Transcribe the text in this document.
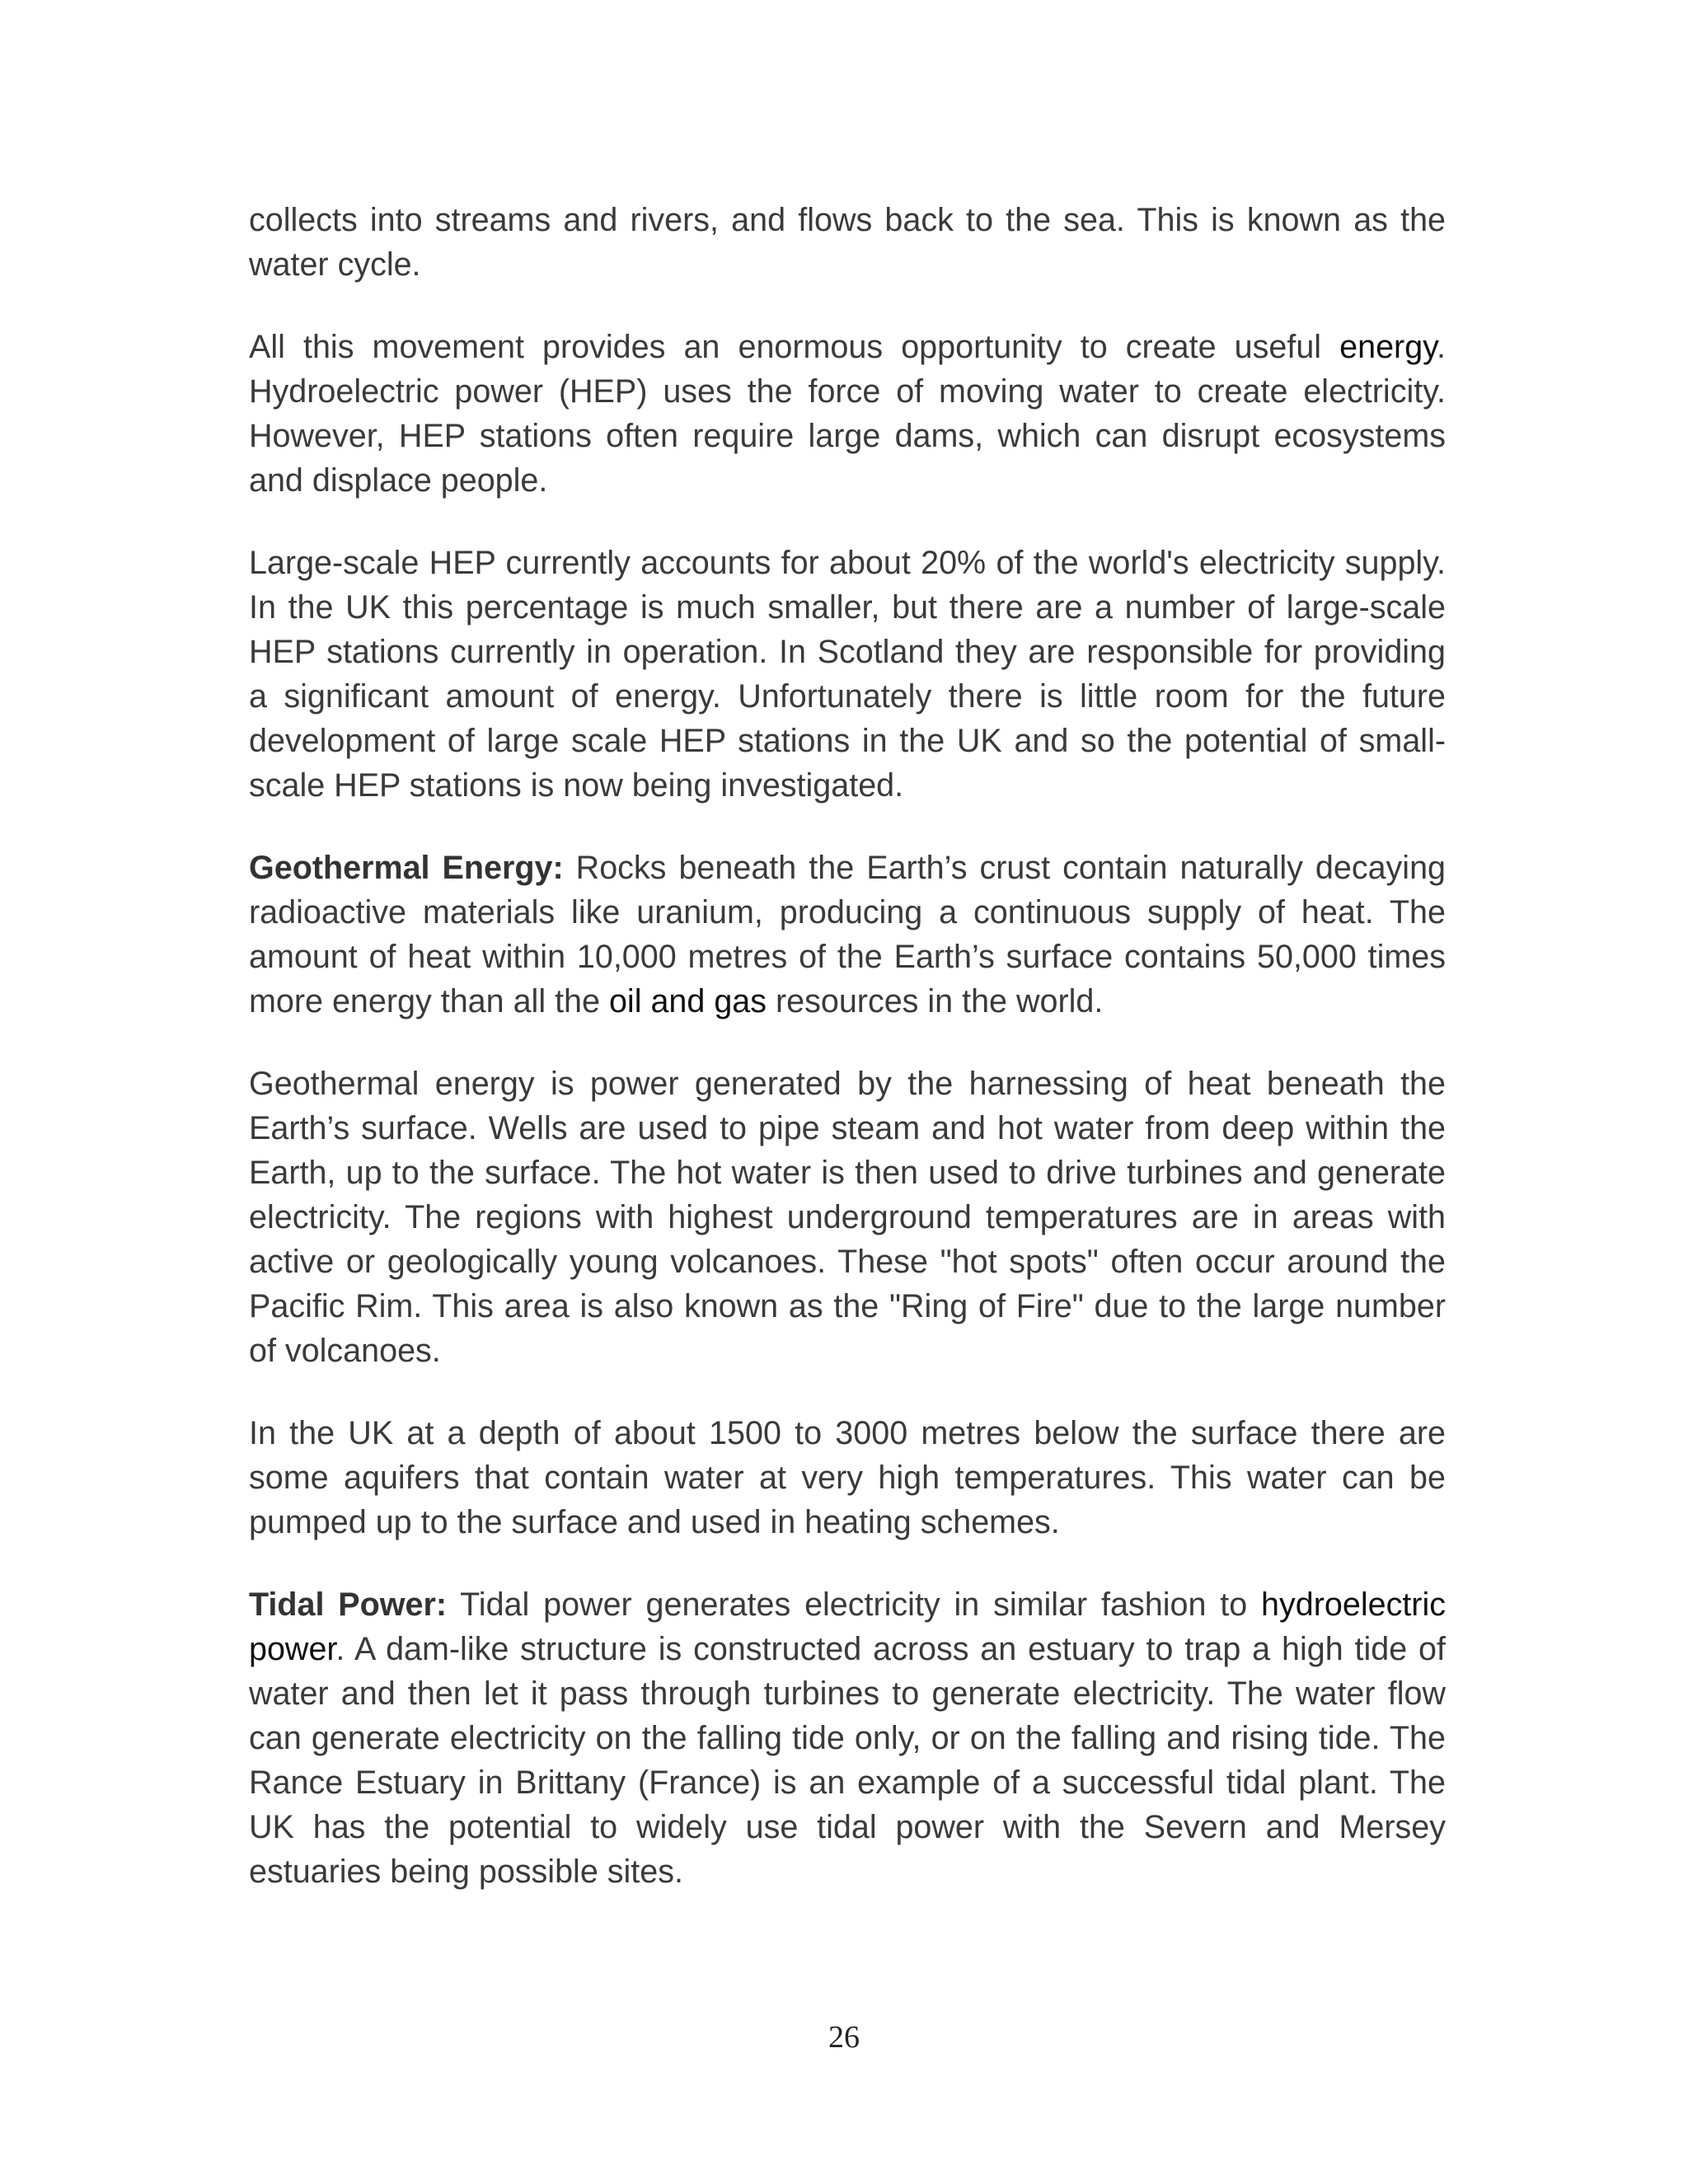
collects into streams and rivers, and flows back to the sea. This is known as the water cycle.

All this movement provides an enormous opportunity to create useful energy. Hydroelectric power (HEP) uses the force of moving water to create electricity. However, HEP stations often require large dams, which can disrupt ecosystems and displace people.

Large-scale HEP currently accounts for about 20% of the world's electricity supply. In the UK this percentage is much smaller, but there are a number of large-scale HEP stations currently in operation. In Scotland they are responsible for providing a significant amount of energy. Unfortunately there is little room for the future development of large scale HEP stations in the UK and so the potential of small-scale HEP stations is now being investigated.

Geothermal Energy: Rocks beneath the Earth’s crust contain naturally decaying radioactive materials like uranium, producing a continuous supply of heat. The amount of heat within 10,000 metres of the Earth’s surface contains 50,000 times more energy than all the oil and gas resources in the world.

Geothermal energy is power generated by the harnessing of heat beneath the Earth’s surface. Wells are used to pipe steam and hot water from deep within the Earth, up to the surface. The hot water is then used to drive turbines and generate electricity. The regions with highest underground temperatures are in areas with active or geologically young volcanoes. These "hot spots" often occur around the Pacific Rim. This area is also known as the "Ring of Fire" due to the large number of volcanoes.

In the UK at a depth of about 1500 to 3000 metres below the surface there are some aquifers that contain water at very high temperatures. This water can be pumped up to the surface and used in heating schemes.

Tidal Power: Tidal power generates electricity in similar fashion to hydroelectric power. A dam-like structure is constructed across an estuary to trap a high tide of water and then let it pass through turbines to generate electricity. The water flow can generate electricity on the falling tide only, or on the falling and rising tide. The Rance Estuary in Brittany (France) is an example of a successful tidal plant. The UK has the potential to widely use tidal power with the Severn and Mersey estuaries being possible sites.

26
